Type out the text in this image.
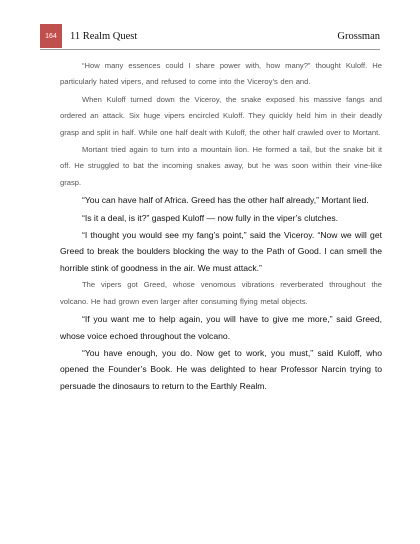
164	11 Realm Quest	Grossman

“How many essences could I share power with, how many?” thought Kuloff. He particularly hated vipers, and refused to come into the Viceroy’s den and.

When Kuloff turned down the Viceroy, the snake exposed his massive fangs and ordered an attack. Six huge vipers encircled Kuloff. They quickly held him in their deadly grasp and split in half. While one half dealt with Kuloff, the other half crawled over to Mortant.

Mortant tried again to turn into a mountain lion. He formed a tail, but the snake bit it off. He struggled to bat the incoming snakes away, but he was soon within their vine-like grasp.

“You can have half of Africa. Greed has the other half already,” Mortant lied.

“Is it a deal, is it?” gasped Kuloff — now fully in the viper’s clutches.

“I thought you would see my fang’s point,” said the Viceroy. “Now we will get Greed to break the boulders blocking the way to the Path of Good. I can smell the horrible stink of goodness in the air. We must attack.”

The vipers got Greed, whose venomous vibrations reverberated throughout the volcano. He had grown even larger after consuming flying metal objects.

“If you want me to help again, you will have to give me more,” said Greed, whose voice echoed throughout the volcano.

“You have enough, you do. Now get to work, you must,” said Kuloff, who opened the Founder’s Book. He was delighted to hear Professor Narcin trying to persuade the dinosaurs to return to the Earthly Realm.
